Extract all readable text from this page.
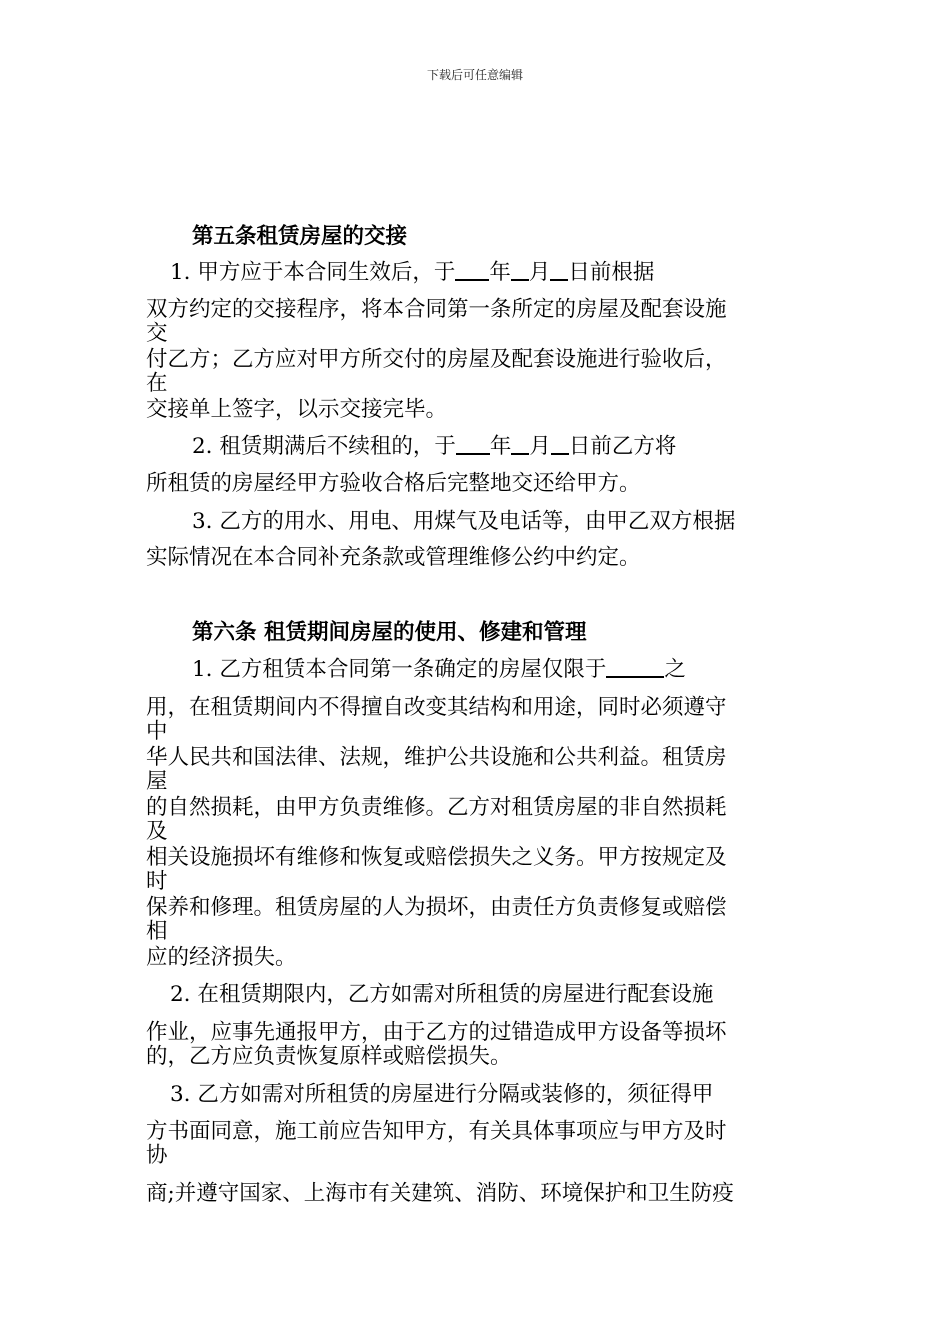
下载后可任意编辑
第五条租赁房屋的交接
1. 甲方应于本合同生效后，于 年 月 日前根据
双方约定的交接程序，将本合同第一条所定的房屋及配套设施
交
付乙方；乙方应对甲方所交付的房屋及配套设施进行验收后，
在
交接单上签字，以示交接完毕。
2. 租赁期满后不续租的，于 年 月 日前乙方将
所租赁的房屋经甲方验收合格后完整地交还给甲方。
3. 乙方的用水、用电、用煤气及电话等，由甲乙双方根据
实际情况在本合同补充条款或管理维修公约中约定。
第六条 租赁期间房屋的使用、修建和管理
1. 乙方租赁本合同第一条确定的房屋仅限于	之
用，在租赁期间内不得擅自改变其结构和用途，同时必须遵守
中
华人民共和国法律、法规，维护公共设施和公共利益。租赁房
屋
的自然损耗，由甲方负责维修。乙方对租赁房屋的非自然损耗
及
相关设施损坏有维修和恢复或赔偿损失之义务。甲方按规定及
时
保养和修理。租赁房屋的人为损坏，由责任方负责修复或赔偿
相
应的经济损失。
2. 在租赁期限内，乙方如需对所租赁的房屋进行配套设施
作业，应事先通报甲方，由于乙方的过错造成甲方设备等损坏
的，乙方应负责恢复原样或赔偿损失。
3. 乙方如需对所租赁的房屋进行分隔或装修的，须征得甲
方书面同意，施工前应告知甲方，有关具体事项应与甲方及时
协
商;并遵守国家、上海市有关建筑、消防、环境保护和卫生防疫
